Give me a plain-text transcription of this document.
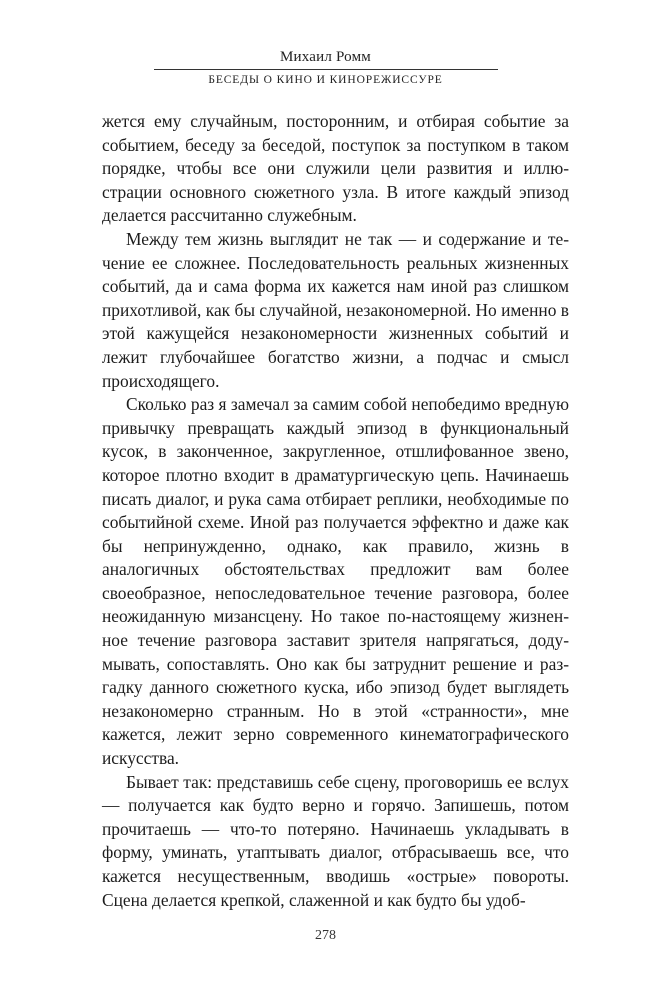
Михаил Ромм
БЕСЕДЫ О КИНО И КИНОРЕЖИССУРЕ

жется ему случайным, посторонним, и отбирая событие за событием, беседу за беседой, поступок за поступком в таком порядке, чтобы все они служили цели развития и иллюстрации основного сюжетного узла. В итоге каждый эпизод делается рассчитанно служебным.

Между тем жизнь выглядит не так — и содержание и течение ее сложнее. Последовательность реальных жизненных событий, да и сама форма их кажется нам иной раз слишком прихотливой, как бы случайной, незакономерной. Но именно в этой кажущейся незакономерности жизненных событий и лежит глубочайшее богатство жизни, а подчас и смысл происходящего.

Сколько раз я замечал за самим собой непобедимо вредную привычку превращать каждый эпизод в функциональный кусок, в законченное, закругленное, отшлифованное звено, которое плотно входит в драматургическую цепь. Начинаешь писать диалог, и рука сама отбирает реплики, необходимые по событийной схеме. Иной раз получается эффектно и даже как бы непринужденно, однако, как правило, жизнь в аналогичных обстоятельствах предложит вам более своеобразное, непоследовательное течение разговора, более неожиданную мизансцену. Но такое по-настоящему жизненное течение разговора заставит зрителя напрягаться, додумывать, сопоставлять. Оно как бы затруднит решение и разгадку данного сюжетного куска, ибо эпизод будет выглядеть незакономерно странным. Но в этой «странности», мне кажется, лежит зерно современного кинематографического искусства.

Бывает так: представишь себе сцену, проговоришь ее вслух — получается как будто верно и горячо. Запишешь, потом прочитаешь — что-то потеряно. Начинаешь укладывать в форму, уминать, утаптывать диалог, отбрасываешь все, что кажется несущественным, вводишь «острые» повороты. Сцена делается крепкой, слаженной и как будто бы удоб-

278
